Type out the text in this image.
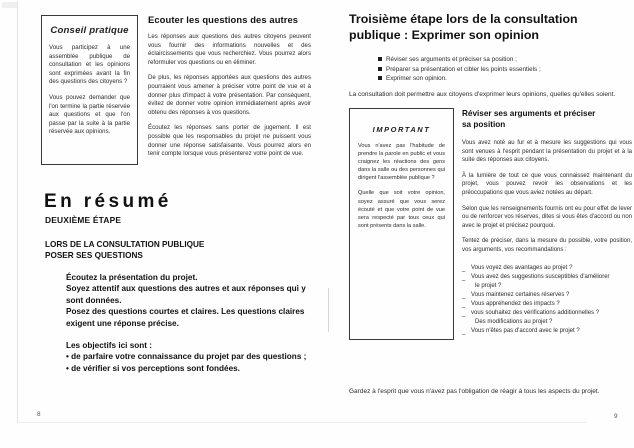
Conseil pratique

Vous participez à une assemblée publique de consultation et les opinions sont exprimées avant la fin des questions des citoyens ?

Vous pouvez demander que l'on termine la partie réservée aux questions et que l'on passe par la suite à la partie réservée aux opinions.

Ecouter les questions des autres

Les réponses aux questions des autres citoyens peuvent vous fournir des informations nouvelles et des éclaircissements que vous recherchiez. Vous pourrez alors reformuler vos questions ou en éliminer.

De plus, les réponses apportées aux questions des autres pourraient vous amener à préciser votre point de vue et à donner plus d'impact à votre présentation. Par conséquent, évitez de donner votre opinion immédiatement après avoir obtenu des réponses à vos questions.

Écoutez les réponses sans porter de jugement. Il est possible que les responsables du projet ne puissent vous donner une réponse satisfaisante. Vous pourrez alors en tenir compte lorsque vous présenterez votre point de vue.

En résumé
DEUXIÈME ÉTAPE
LORS DE LA CONSULTATION PUBLIQUE
POSER SES QUESTIONS
Écoutez la présentation du projet.
Soyez attentif aux questions des autres et aux réponses qui y sont données.
Posez des questions courtes et claires. Les questions claires exigent une réponse précise.
Les objectifs ici sont :
• de parfaire votre connaissance du projet par des questions ;
• de vérifier si vos perceptions sont fondées.
8
Troisième étape lors de la consultation
publique : Exprimer son opinion
Réviser ses arguments et préciser sa position ;
Préparer sa présentation et cibler les points essentiels ;
Exprimer son opinion.
La consultation doit permettre aux citoyens d'exprimer leurs opinions, quelles qu'elles soient.
IMPORTANT

Vous n'avez pas l'habitude de prendre la parole en public et vous craignez les réactions des gens dans la salle ou des personnes qui dirigent l'assemblée publique ?

Quelle que soit votre opinion, soyez assuré que vous serez écouté et que votre point de vue sera respecté par tous ceux qui sont présents dans la salle.

Réviser ses arguments et préciser
sa position

Vous avez noté au fur et à mesure les suggestions qui vous sont venues à l'esprit pendant la présentation du projet et à la suite des réponses aux citoyens.

À la lumière de tout ce que vous connaissez maintenant du projet, vous pouvez revoir les observations et les préoccupations que vous aviez notées au départ.

Selon que les renseignements fournis ont eu pour effet de lever ou de renforcer vos réserves, dites si vous êtes d'accord ou non avec le projet et précisez pourquoi.

Tentez de préciser, dans la mesure du possible, votre position, vos arguments, vos recommandations :

_ Vous voyez des avantages au projet ?
_ Vous avez des suggestions susceptibles d'améliorer
le projet ?
_ Vous maintenez certaines réserves ?
_ Vous appréhendez des impacts ?
_ vous souhaitez des vérifications additionnelles ?
Des modifications au projet ?
_ Vous n'êtes pas d'accord avec le projet ?
Gardez à l'esprit que vous n'avez pas l'obligation de réagir à tous les aspects du projet.
9
